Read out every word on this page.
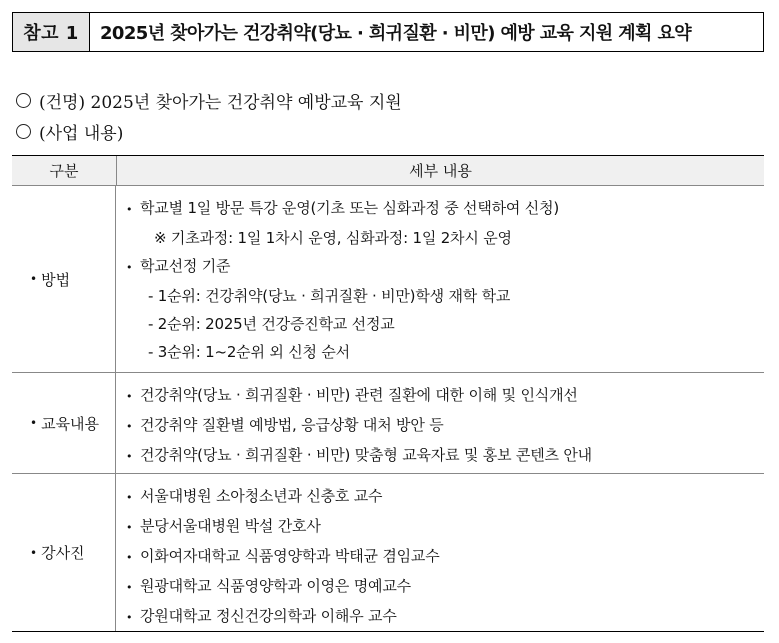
참고 1	2025년 찾아가는 건강취약(당뇨 · 희귀질환 · 비만) 예방 교육 지원 계획 요약
(건명) 2025년 찾아가는 건강취약 예방교육 지원
(사업 내용)
구분	세부 내용
• 방법
• 학교별 1일 방문 특강 운영(기초 또는 심화과정 중 선택하여 신청)
※ 기초과정: 1일 1차시 운영, 심화과정: 1일 2차시 운영
• 학교선정 기준
- 1순위: 건강취약(당뇨 · 희귀질환 · 비만)학생 재학 학교
- 2순위: 2025년 건강증진학교 선정교
- 3순위: 1~2순위 외 신청 순서
• 교육내용
• 건강취약(당뇨 · 희귀질환 · 비만) 관련 질환에 대한 이해 및 인식개선
• 건강취약 질환별 예방법, 응급상황 대처 방안 등
• 건강취약(당뇨 · 희귀질환 · 비만) 맞춤형 교육자료 및 홍보 콘텐츠 안내
• 강사진
• 서울대병원 소아청소년과 신충호 교수
• 분당서울대병원 박설 간호사
• 이화여자대학교 식품영양학과 박태균 겸임교수
• 원광대학교 식품영양학과 이영은 명예교수
• 강원대학교 정신건강의학과 이해우 교수
